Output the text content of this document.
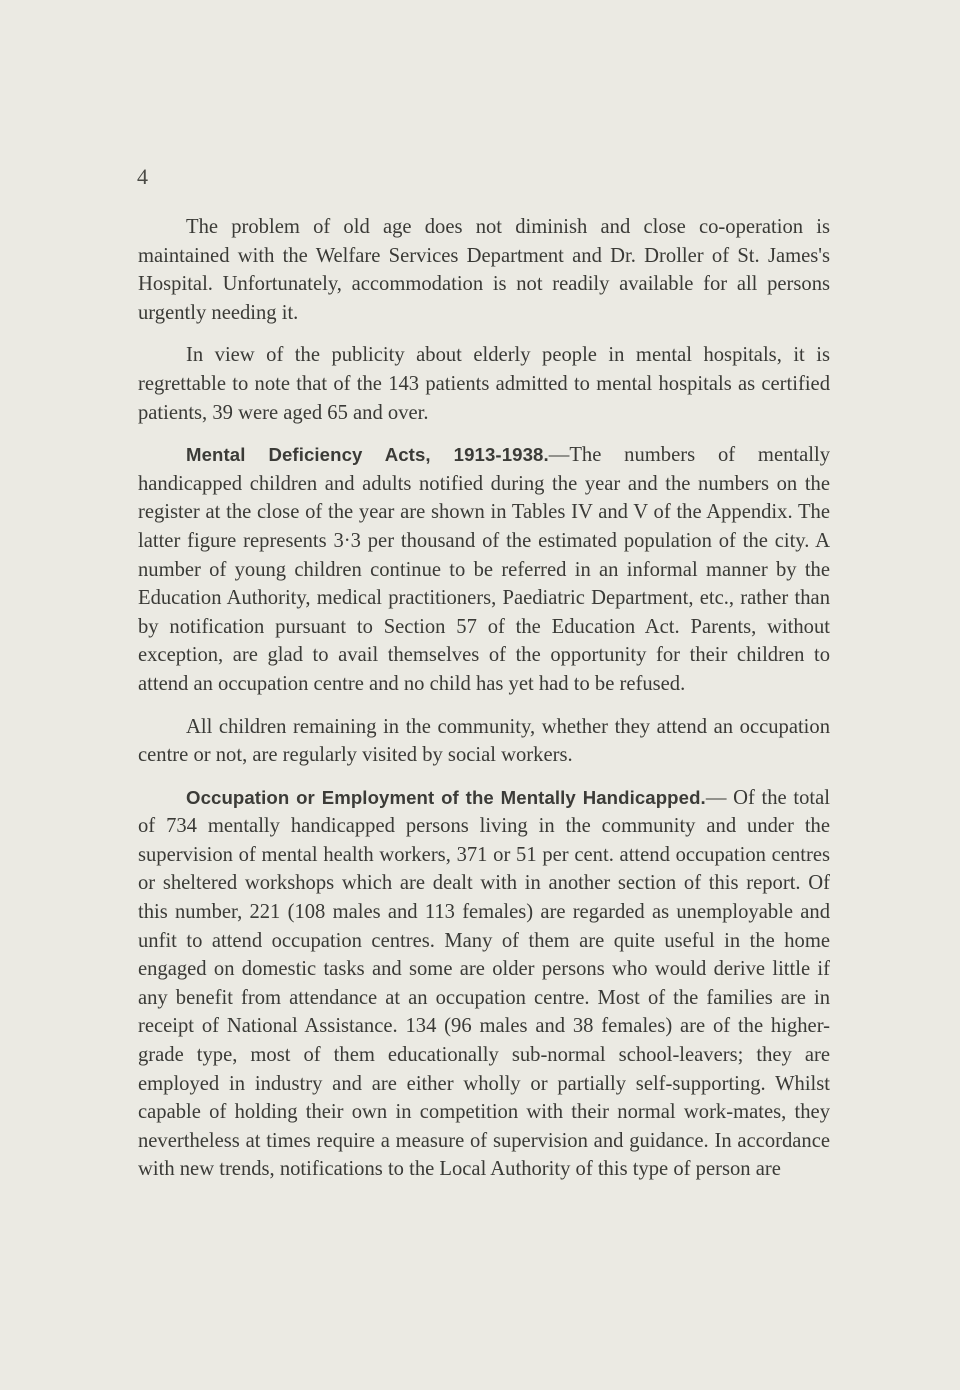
4

The problem of old age does not diminish and close co-operation is maintained with the Welfare Services Department and Dr. Droller of St. James's Hospital. Unfortunately, accommodation is not readily available for all persons urgently needing it.

In view of the publicity about elderly people in mental hospitals, it is regrettable to note that of the 143 patients admitted to mental hospitals as certified patients, 39 were aged 65 and over.

Mental Deficiency Acts, 1913-1938.—The numbers of mentally handicapped children and adults notified during the year and the numbers on the register at the close of the year are shown in Tables IV and V of the Appendix. The latter figure represents 3·3 per thousand of the estimated population of the city. A number of young children continue to be referred in an informal manner by the Education Authority, medical practitioners, Paediatric Department, etc., rather than by notification pursuant to Section 57 of the Education Act. Parents, without exception, are glad to avail themselves of the opportunity for their children to attend an occupation centre and no child has yet had to be refused.

All children remaining in the community, whether they attend an occupation centre or not, are regularly visited by social workers.

Occupation or Employment of the Mentally Handicapped.— Of the total of 734 mentally handicapped persons living in the community and under the supervision of mental health workers, 371 or 51 per cent. attend occupation centres or sheltered workshops which are dealt with in another section of this report. Of this number, 221 (108 males and 113 females) are regarded as unemployable and unfit to attend occupation centres. Many of them are quite useful in the home engaged on domestic tasks and some are older persons who would derive little if any benefit from attendance at an occupation centre. Most of the families are in receipt of National Assistance. 134 (96 males and 38 females) are of the higher-grade type, most of them educationally sub-normal school-leavers; they are employed in industry and are either wholly or partially self-supporting. Whilst capable of holding their own in competition with their normal work-mates, they nevertheless at times require a measure of supervision and guidance. In accordance with new trends, notifications to the Local Authority of this type of person are
